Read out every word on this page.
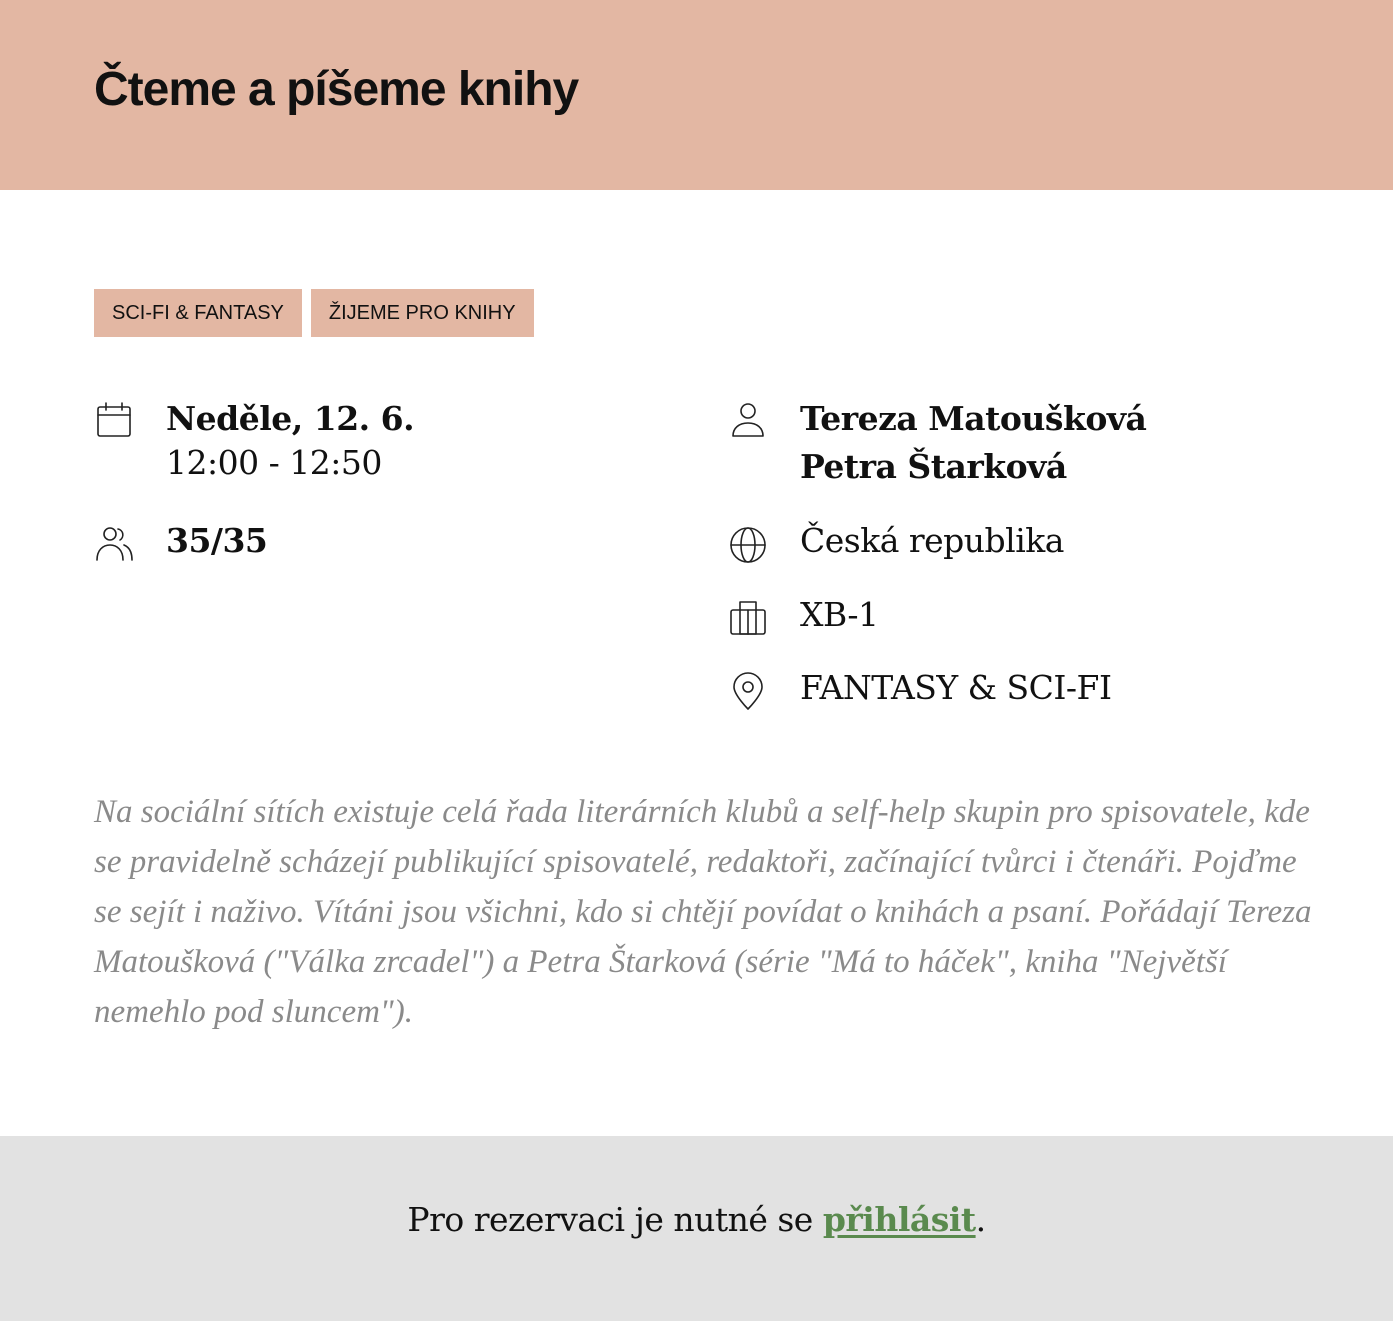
Čteme a píšeme knihy
SCI-FI & FANTASY	ŽIJEME PRO KNIHY
Neděle, 12. 6.
12:00 - 12:50
35/35
Tereza Matoušková
Petra Štarková
Česká republika
XB-1
FANTASY & SCI-FI

Na sociální sítích existuje celá řada literárních klubů a self-help skupin pro spisovatele, kde se pravidelně scházejí publikující spisovatelé, redaktoři, začínající tvůrci i čtenáři. Pojďme se sejít i naživo. Vítáni jsou všichni, kdo si chtějí povídat o knihách a psaní. Pořádají Tereza Matoušková ("Válka zrcadel") a Petra Štarková (série "Má to háček", kniha "Největší nemehlo pod sluncem").

Pro rezervaci je nutné se přihlásit.
